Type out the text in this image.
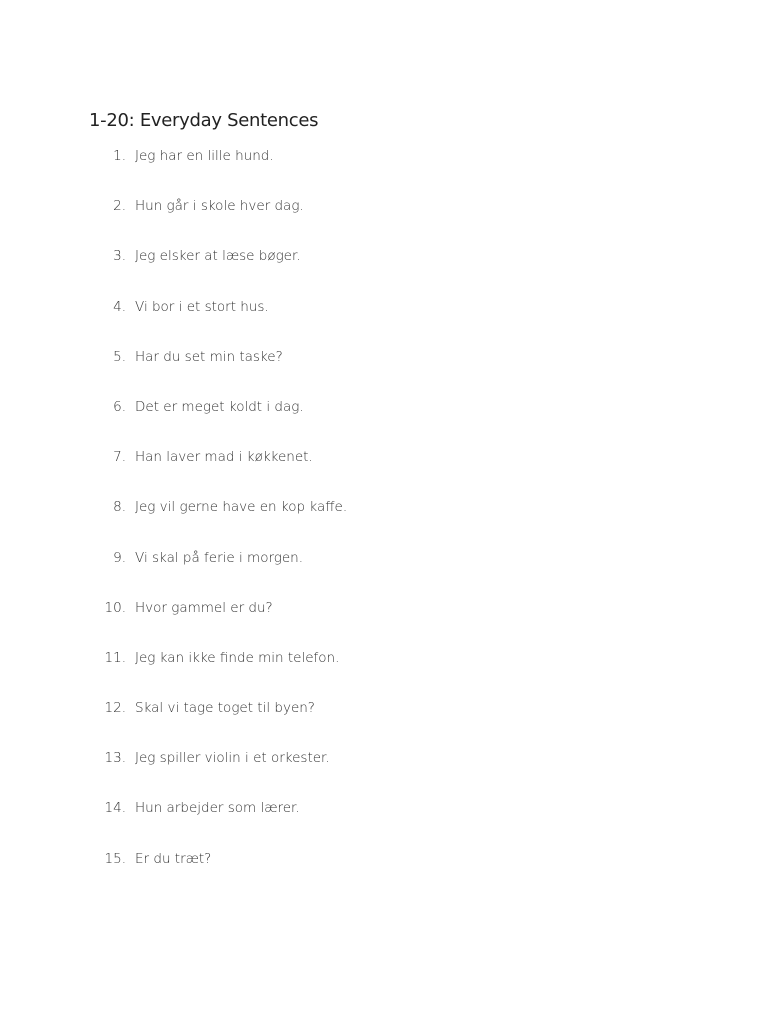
1-20: Everyday Sentences
1. Jeg har en lille hund.
2. Hun går i skole hver dag.
3. Jeg elsker at læse bøger.
4. Vi bor i et stort hus.
5. Har du set min taske?
6. Det er meget koldt i dag.
7. Han laver mad i køkkenet.
8. Jeg vil gerne have en kop kaffe.
9. Vi skal på ferie i morgen.
10. Hvor gammel er du?
11. Jeg kan ikke finde min telefon.
12. Skal vi tage toget til byen?
13. Jeg spiller violin i et orkester.
14. Hun arbejder som lærer.
15. Er du træt?
